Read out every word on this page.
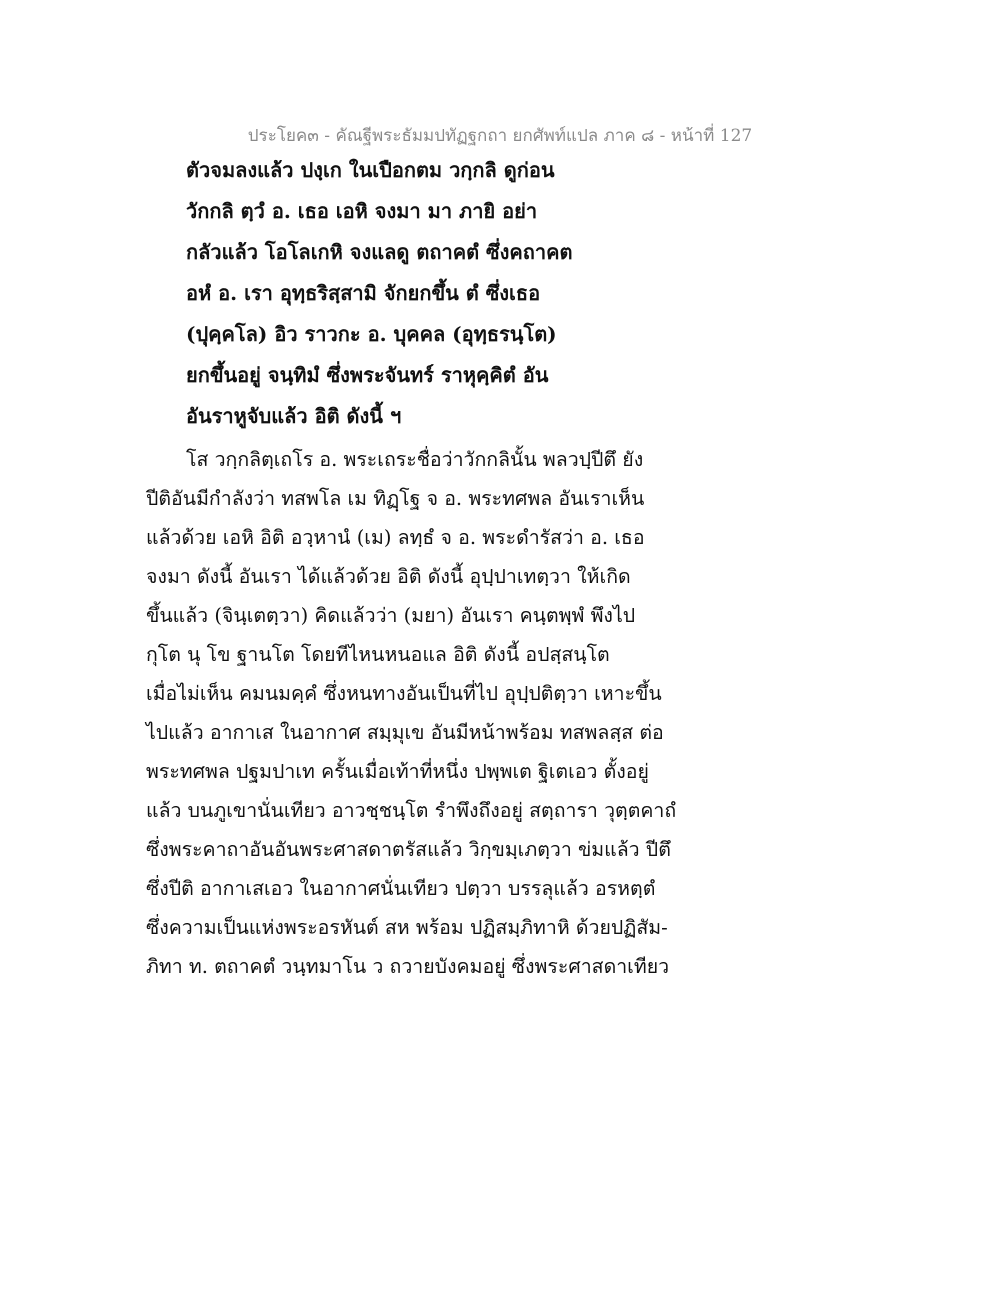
ประโยค๓ - คัณฐีพระธัมมปทัฏฐกถา ยกศัพท์แปล ภาค ๘ - หน้าที่ 127
ตัวจมลงแล้ว ปงฺเก ในเปือกตม วกฺกลิ ดูก่อน
วักกลิ ตฺวํ อ. เธอ เอหิ จงมา มา ภายิ อย่า
กลัวแล้ว โอโลเกหิ จงแลดู ตถาคตํ ซึ่งคถาคต
อหํ อ. เรา อุทฺธริสฺสามิ จักยกขึ้น ตํ ซึ่งเธอ
(ปุคฺคโล) อิว ราวกะ อ. บุคคล (อุทฺธรนฺโต)
ยกขึ้นอยู่ จนฺทิมํ ซึ่งพระจันทร์ ราหุคฺคิตํ อัน
อันราหูจับแล้ว อิติ ดังนี้ ฯ
โส วกฺกลิตฺเถโร อ. พระเถระชื่อว่าวักกลินั้น พลวปฺปีตึ ยัง
ปีติอันมีกำลังว่า ทสพโล เม ทิฏฺโฐ จ อ. พระทศพล อันเราเห็น
แล้วด้วย เอหิ อิติ อวฺหานํ (เม) ลทฺธํ จ อ. พระดำรัสว่า อ. เธอ
จงมา ดังนี้ อันเรา ได้แล้วด้วย อิติ ดังนี้ อุปฺปาเทตฺวา ให้เกิด
ขึ้นแล้ว (จินฺเตตฺวา) คิดแล้วว่า (มยา) อันเรา คนฺตพฺพํ พึงไป
กุโต นุ โข ฐานโต โดยทีไหนหนอแล อิติ ดังนี้ อปสฺสนฺโต
เมื่อไม่เห็น คมนมคฺคํ ซึ่งหนทางอันเป็นที่ไป อุปฺปติตฺวา เหาะขึ้น
ไปแล้ว อากาเส ในอากาศ สมฺมุเข อันมีหน้าพร้อม ทสพลสฺส ต่อ
พระทศพล ปฐมปาเท ครั้นเมื่อเท้าที่หนึ่ง ปพฺพเต ฐิเตเอว ตั้งอยู่
แล้ว บนภูเขานั่นเทียว อาวชฺชนฺโต รำพึงถึงอยู่ สตฺถารา วุตฺตคาถํ
ซึ่งพระคาถาอันอันพระศาสดาตรัสแล้ว วิกฺขมฺเภตฺวา ข่มแล้ว ปีตึ
ซึ่งปีติ อากาเสเอว ในอากาศนั่นเทียว ปตฺวา บรรลุแล้ว อรหตฺตํ
ซึ่งความเป็นแห่งพระอรหันต์ สห พร้อม ปฏิสมฺภิทาหิ ด้วยปฏิสัม-
ภิทา ท. ตถาคตํ วนฺทมาโน ว ถวายบังคมอยู่ ซึ่งพระศาสดาเทียว
